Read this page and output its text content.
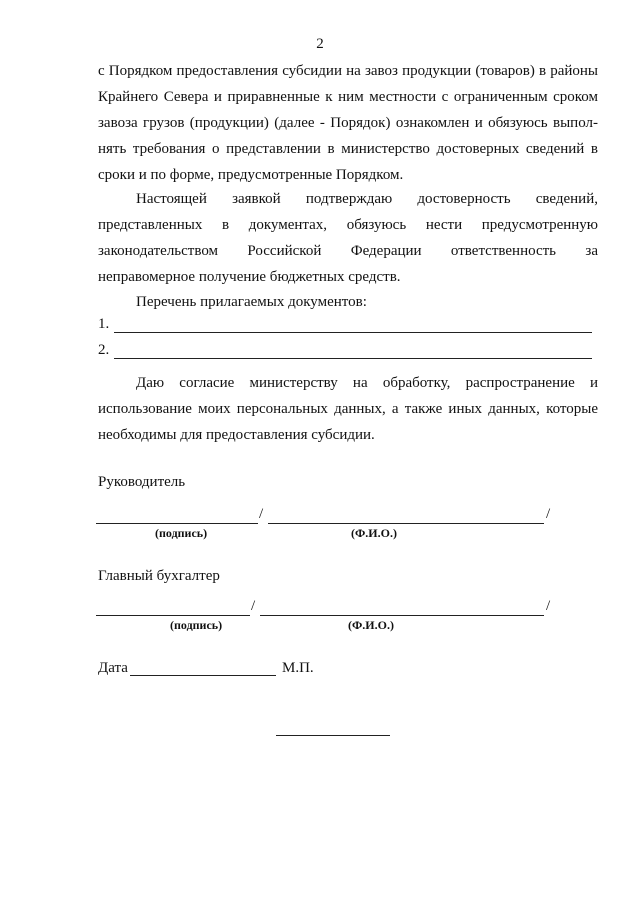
2
с Порядком предоставления субсидии на завоз продукции (товаров) в районы
Крайнего Севера и приравненные к ним местности с ограниченным сроком
завоза грузов (продукции) (далее - Порядок) ознакомлен и обязуюсь выпол-
нять требования о представлении в министерство достоверных сведений в
сроки и по форме, предусмотренные Порядком.
Настоящей заявкой подтверждаю достоверность сведений,
представленных в документах, обязуюсь нести предусмотренную
законодательством Российской Федерации ответственность за
неправомерное получение бюджетных средств.
Перечень прилагаемых документов:
1.
2.
Даю согласие министерству на обработку, распространение и
использование моих персональных данных, а также иных данных, которые
необходимы для предоставления субсидии.
Руководитель
/	/
(подпись)	(Ф.И.О.)
Главный бухгалтер
/	/
(подпись)	(Ф.И.О.)
Дата	М.П.
